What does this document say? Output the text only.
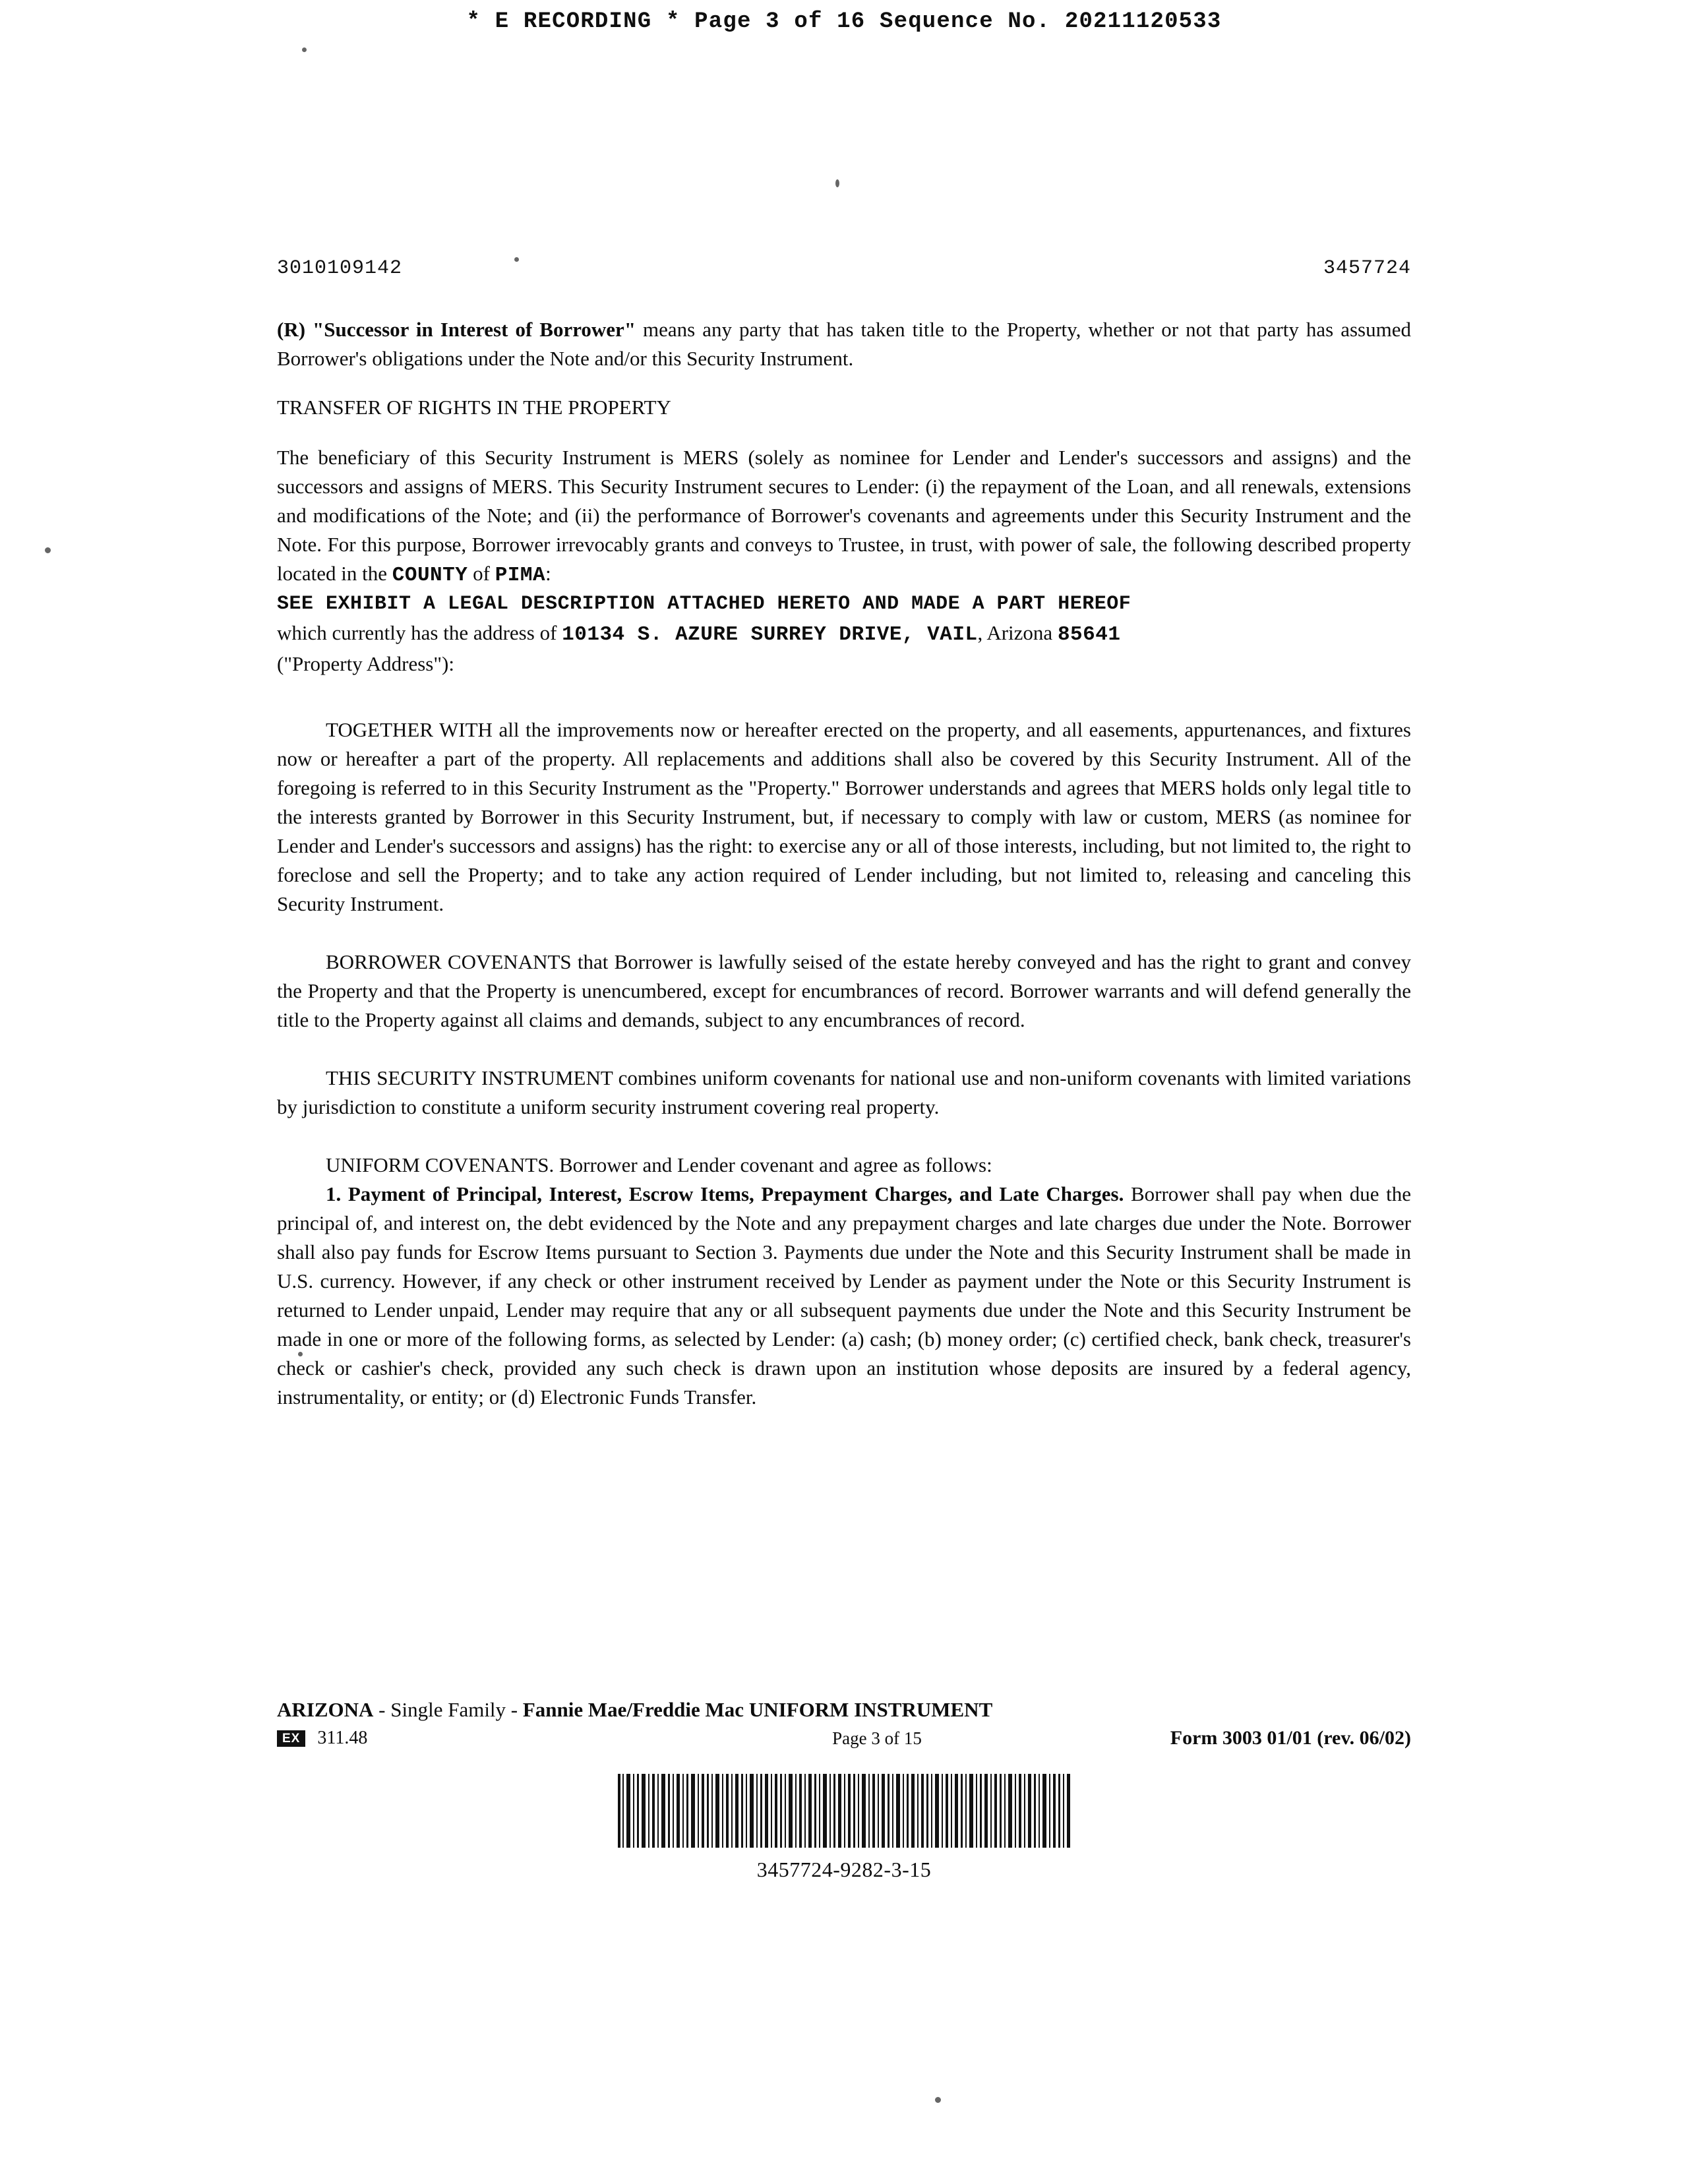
* E RECORDING * Page 3 of 16 Sequence No. 20211120533
3010109142	3457724

(R) "Successor in Interest of Borrower" means any party that has taken title to the Property, whether or not that party has assumed Borrower's obligations under the Note and/or this Security Instrument.

TRANSFER OF RIGHTS IN THE PROPERTY

The beneficiary of this Security Instrument is MERS (solely as nominee for Lender and Lender's successors and assigns) and the successors and assigns of MERS. This Security Instrument secures to Lender: (i) the repayment of the Loan, and all renewals, extensions and modifications of the Note; and (ii) the performance of Borrower's covenants and agreements under this Security Instrument and the Note. For this purpose, Borrower irrevocably grants and conveys to Trustee, in trust, with power of sale, the following described property located in the COUNTY of PIMA:

SEE EXHIBIT A LEGAL DESCRIPTION ATTACHED HERETO AND MADE A PART HEREOF

which currently has the address of 10134 S. AZURE SURREY DRIVE, VAIL, Arizona 85641

("Property Address"):

TOGETHER WITH all the improvements now or hereafter erected on the property, and all easements, appurtenances, and fixtures now or hereafter a part of the property. All replacements and additions shall also be covered by this Security Instrument. All of the foregoing is referred to in this Security Instrument as the "Property." Borrower understands and agrees that MERS holds only legal title to the interests granted by Borrower in this Security Instrument, but, if necessary to comply with law or custom, MERS (as nominee for Lender and Lender's successors and assigns) has the right: to exercise any or all of those interests, including, but not limited to, the right to foreclose and sell the Property; and to take any action required of Lender including, but not limited to, releasing and canceling this Security Instrument.

BORROWER COVENANTS that Borrower is lawfully seised of the estate hereby conveyed and has the right to grant and convey the Property and that the Property is unencumbered, except for encumbrances of record. Borrower warrants and will defend generally the title to the Property against all claims and demands, subject to any encumbrances of record.

THIS SECURITY INSTRUMENT combines uniform covenants for national use and non-uniform covenants with limited variations by jurisdiction to constitute a uniform security instrument covering real property.

UNIFORM COVENANTS. Borrower and Lender covenant and agree as follows:

1. Payment of Principal, Interest, Escrow Items, Prepayment Charges, and Late Charges. Borrower shall pay when due the principal of, and interest on, the debt evidenced by the Note and any prepayment charges and late charges due under the Note. Borrower shall also pay funds for Escrow Items pursuant to Section 3. Payments due under the Note and this Security Instrument shall be made in U.S. currency. However, if any check or other instrument received by Lender as payment under the Note or this Security Instrument is returned to Lender unpaid, Lender may require that any or all subsequent payments due under the Note and this Security Instrument be made in one or more of the following forms, as selected by Lender: (a) cash; (b) money order; (c) certified check, bank check, treasurer's check or cashier's check, provided any such check is drawn upon an institution whose deposits are insured by a federal agency, instrumentality, or entity; or (d) Electronic Funds Transfer.

ARIZONA - Single Family - Fannie Mae/Freddie Mac UNIFORM INSTRUMENT
EX 311.48	Page 3 of 15	Form 3003 01/01 (rev. 06/02)
3457724-9282-3-15
